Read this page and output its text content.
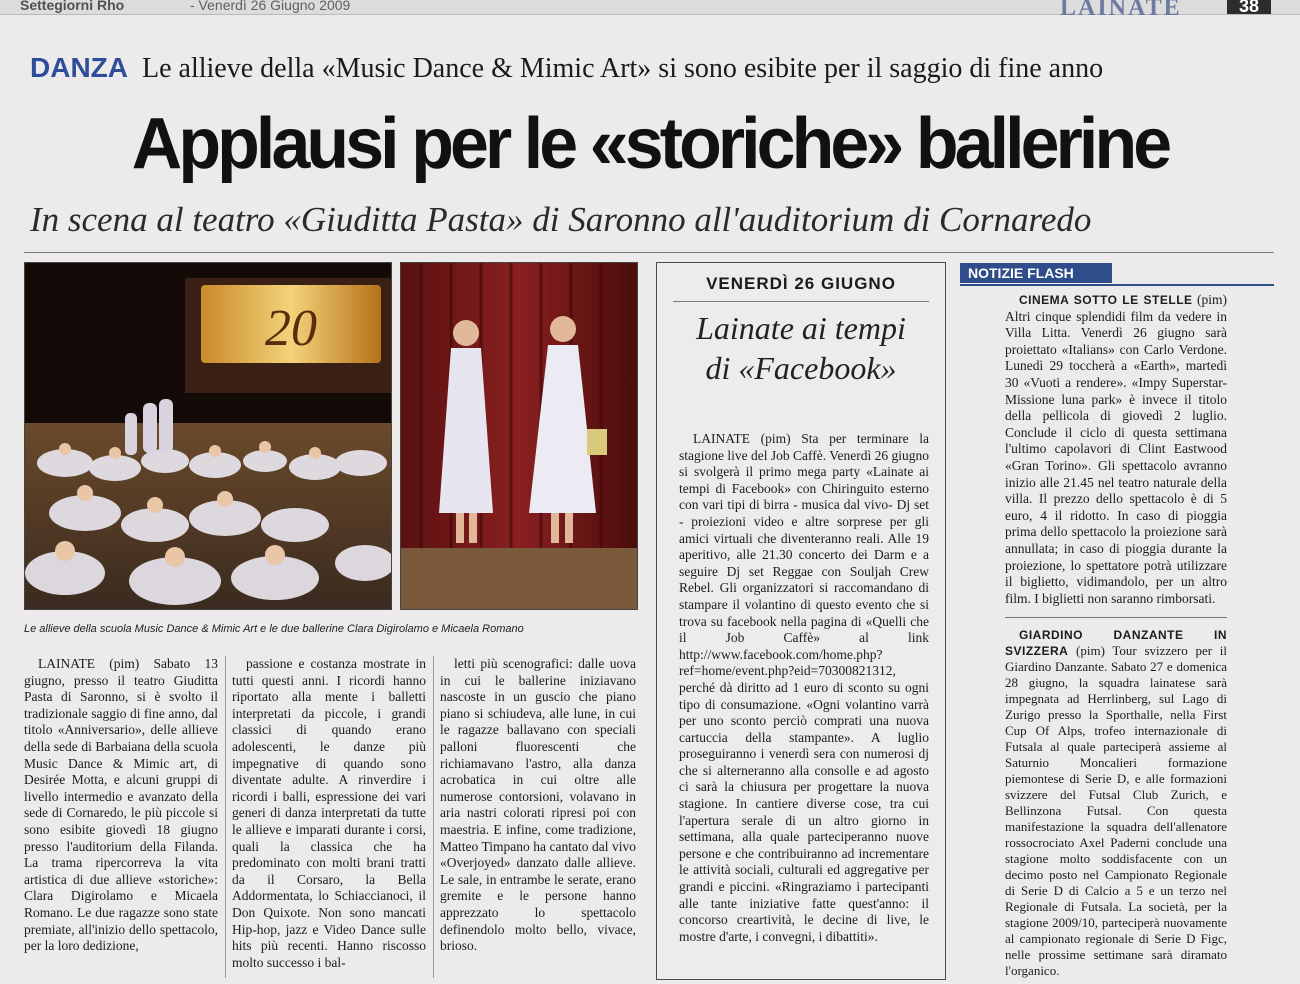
Settegiorni Rho	- Venerdì 26 Giugno 2009	LAINATE	38
DANZA Le allieve della «Music Dance & Mimic Art» si sono esibite per il saggio di fine anno
Applausi per le «storiche» ballerine
In scena al teatro «Giuditta Pasta» di Saronno all'auditorium di Cornaredo
20
Le allieve della scuola Music Dance & Mimic Art e le due ballerine Clara Digirolamo e Micaela Romano

LAINATE (pim) Sabato 13 giugno, presso il teatro Giuditta Pasta di Saronno, si è svolto il tradizionale saggio di fine anno, dal titolo «Anniversario», delle allieve della sede di Barbaiana della scuola Music Dance & Mimic art, di Desirée Motta, e alcuni gruppi di livello intermedio e avanzato della sede di Cornaredo, le più piccole si sono esibite giovedì 18 giugno presso l'auditorium della Filanda. La trama ripercorreva la vita artistica di due allieve «storiche»: Clara Digirolamo e Micaela Romano. Le due ragazze sono state premiate, all'inizio dello spettacolo, per la loro dedizione,

passione e costanza mostrate in tutti questi anni. I ricordi hanno riportato alla mente i balletti interpretati da piccole, i grandi classici di quando erano adolescenti, le danze più impegnative di quando sono diventate adulte. A rinverdire i ricordi i balli, espressione dei vari generi di danza interpretati da tutte le allieve e imparati durante i corsi, quali la classica che ha predominato con molti brani tratti da il Corsaro, la Bella Addormentata, lo Schiaccianoci, il Don Quixote. Non sono mancati Hip-hop, jazz e Video Dance sulle hits più recenti. Hanno riscosso molto successo i bal-

letti più scenografici: dalle uova in cui le ballerine iniziavano nascoste in un guscio che piano piano si schiudeva, alle lune, in cui le ragazze ballavano con speciali palloni fluorescenti che richiamavano l'astro, alla danza acrobatica in cui oltre alle numerose contorsioni, volavano in aria nastri colorati ripresi poi con maestria. E infine, come tradizione, Matteo Timpano ha cantato dal vivo «Overjoyed» danzato dalle allieve. Le sale, in entrambe le serate, erano gremite e le persone hanno apprezzato lo spettacolo definendolo molto bello, vivace, brioso.

VENERDÌ 26 GIUGNO
Lainate ai tempi
di «Facebook»

LAINATE (pim) Sta per terminare la stagione live del Job Caffè. Venerdì 26 giugno si svolgerà il primo mega party «Lainate ai tempi di Facebook» con Chiringuito esterno con vari tipi di birra - musica dal vivo- Dj set - proiezioni video e altre sorprese per gli amici virtuali che diventeranno reali. Alle 19 aperitivo, alle 21.30 concerto dei Darm e a seguire Dj set Reggae con Souljah Crew Rebel. Gli organizzatori si raccomandano di stampare il volantino di questo evento che si trova su facebook nella pagina di «Quelli che il Job Caffè» al link http://www.facebook.com/home.php?ref=home/event.php?eid=70300821312, perché dà diritto ad 1 euro di sconto su ogni tipo di consumazione. «Ogni volantino varrà per uno sconto perciò comprati una nuova cartuccia della stampante». A luglio proseguiranno i venerdì sera con numerosi dj che si alterneranno alla consolle e ad agosto ci sarà la chiusura per progettare la nuova stagione. In cantiere diverse cose, tra cui l'apertura serale di un altro giorno in settimana, alla quale parteciperanno nuove persone e che contribuiranno ad incrementare le attività sociali, culturali ed aggregative per grandi e piccini. «Ringraziamo i partecipanti alle tante iniziative fatte quest'anno: il concorso creartività, le decine di live, le mostre d'arte, i convegni, i dibattiti».

NOTIZIE FLASH

CINEMA SOTTO LE STELLE (pim) Altri cinque splendidi film da vedere in Villa Litta. Venerdì 26 giugno sarà proiettato «Italians» con Carlo Verdone. Lunedì 29 toccherà a «Earth», martedì 30 «Vuoti a rendere». «Impy Superstar-Missione luna park» è invece il titolo della pellicola di giovedì 2 luglio. Conclude il ciclo di questa settimana l'ultimo capolavori di Clint Eastwood «Gran Torino». Gli spettacolo avranno inizio alle 21.45 nel teatro naturale della villa. Il prezzo dello spettacolo è di 5 euro, 4 il ridotto. In caso di pioggia prima dello spettacolo la proiezione sarà annullata; in caso di pioggia durante la proiezione, lo spettatore potrà utilizzare il biglietto, vidimandolo, per un altro film. I biglietti non saranno rimborsati.

GIARDINO DANZANTE IN SVIZZERA (pim) Tour svizzero per il Giardino Danzante. Sabato 27 e domenica 28 giugno, la squadra lainatese sarà impegnata ad Herrlinberg, sul Lago di Zurigo presso la Sporthalle, nella First Cup Of Alps, trofeo internazionale di Futsala al quale parteciperà assieme al Saturnio Moncalieri formazione piemontese di Serie D, e alle formazioni svizzere del Futsal Club Zurich, e Bellinzona Futsal. Con questa manifestazione la squadra dell'allenatore rossocrociato Axel Paderni conclude una stagione molto soddisfacente con un decimo posto nel Campionato Regionale di Serie D di Calcio a 5 e un terzo nel Regionale di Futsala. La società, per la stagione 2009/10, parteciperà nuovamente al campionato regionale di Serie D Figc, nelle prossime settimane sarà diramato l'organico.
